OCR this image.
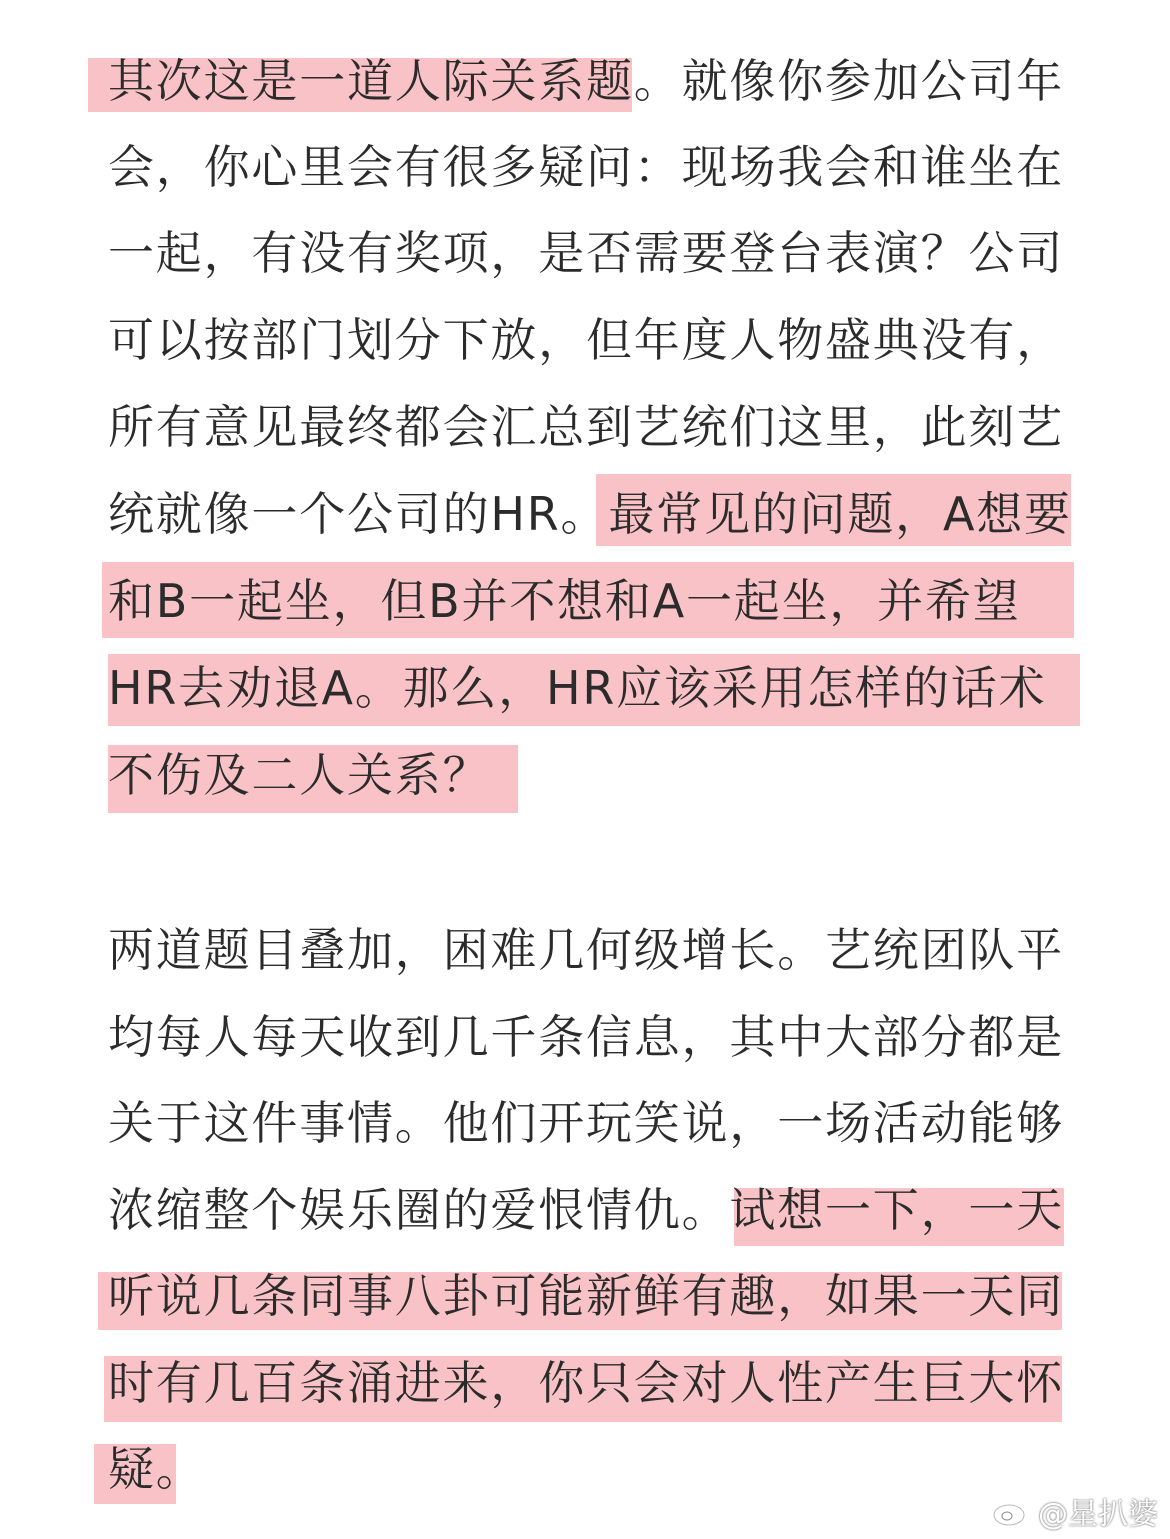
其次这是一道人际关系题。就像你参加公司年
会，你心里会有很多疑问：现场我会和谁坐在
一起，有没有奖项，是否需要登台表演？公司
可以按部门划分下放，但年度人物盛典没有，
所有意见最终都会汇总到艺统们这里，此刻艺
统就像一个公司的HR。最常见的问题，A想要
和B一起坐，但B并不想和A一起坐，并希望
HR去劝退A。那么，HR应该采用怎样的话术
不伤及二人关系？
两道题目叠加，困难几何级增长。艺统团队平
均每人每天收到几千条信息，其中大部分都是
关于这件事情。他们开玩笑说，一场活动能够
浓缩整个娱乐圈的爱恨情仇。试想一下，一天
听说几条同事八卦可能新鲜有趣，如果一天同
时有几百条涌进来，你只会对人性产生巨大怀
疑。
@星扒婆
